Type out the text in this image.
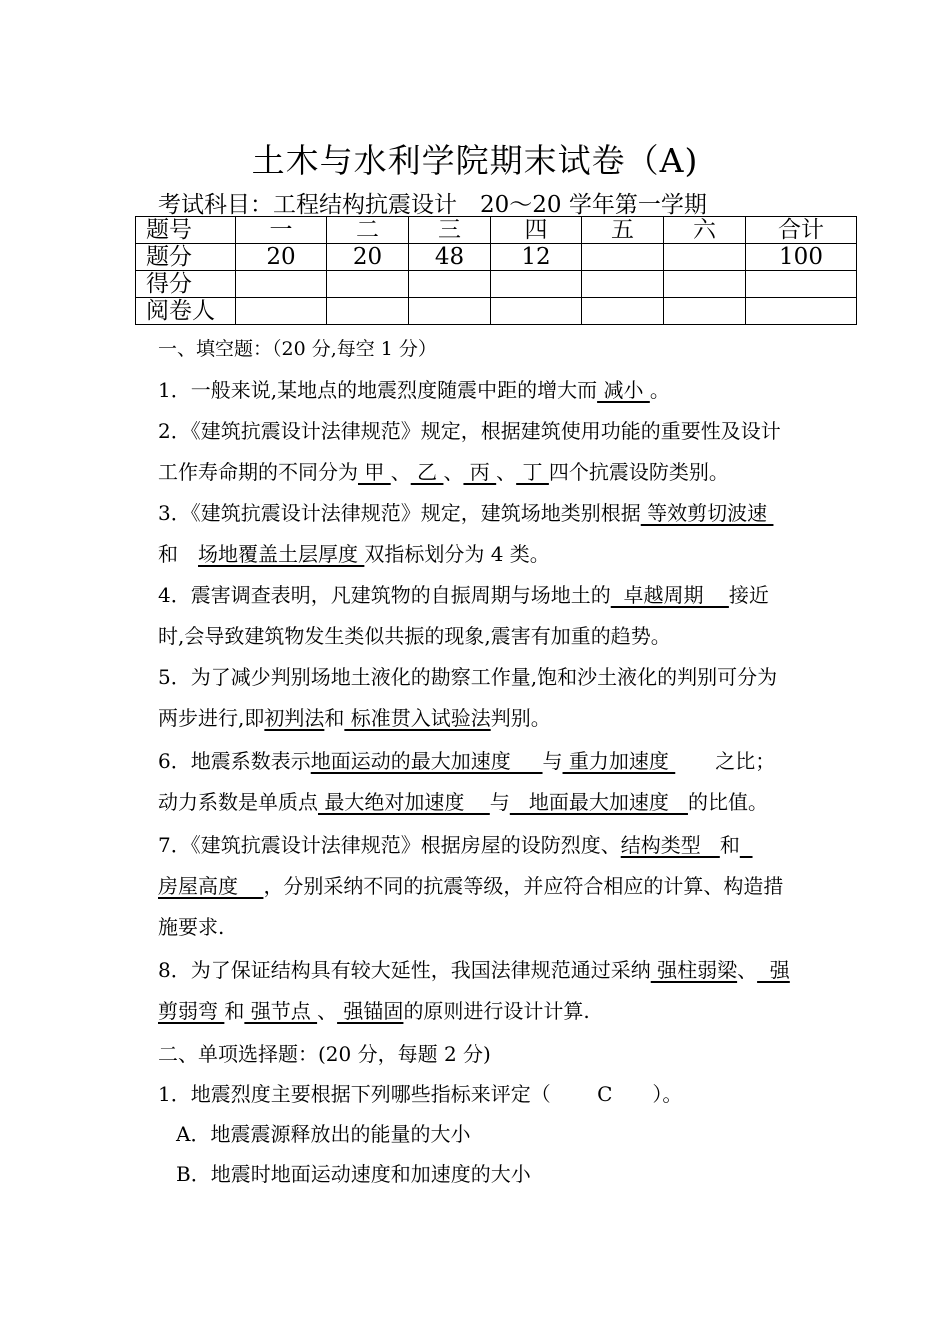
土木与水利学院期末试卷（A)
考试科目：工程结构抗震设计　20～20 学年第一学期
题号	一	二	三	四	五	六	合计
题分	20	20	48	12			100
得分							
阅卷人							
一、填空题：（20 分,每空 1 分）
1．一般来说,某地点的地震烈度随震中距的增大而 减小 。
2．《建筑抗震设计法律规范》规定，根据建筑使用功能的重要性及设计
工作寿命期的不同分为 甲 、 乙 、 丙 、 丁 四个抗震设防类别。
3．《建筑抗震设计法律规范》规定，建筑场地类别根据 等效剪切波速
和　场地覆盖土层厚度 双指标划分为 4 类。
4．震害调查表明，凡建筑物的自振周期与场地土的  卓越周期    接近
时,会导致建筑物发生类似共振的现象,震害有加重的趋势。
5．为了减少判别场地土液化的勘察工作量,饱和沙土液化的判别可分为
两步进行,即初判法和 标准贯入试验法判别。
6．地震系数表示地面运动的最大加速度     与 重力加速度 　　之比；
动力系数是单质点 最大绝对加速度    与   地面最大加速度   的比值。
7．《建筑抗震设计法律规范》根据房屋的设防烈度、结构类型   和
房屋高度    ，分别采纳不同的抗震等级，并应符合相应的计算、构造措
施要求.
8．为了保证结构具有较大延性，我国法律规范通过采纳 强柱弱梁、  强
剪弱弯 和 强节点 、 强锚固的原则进行设计计算.
二、单项选择题：(20 分，每题 2 分)
1．地震烈度主要根据下列哪些指标来评定（　　 C　　）。
A．地震震源释放出的能量的大小
B．地震时地面运动速度和加速度的大小
